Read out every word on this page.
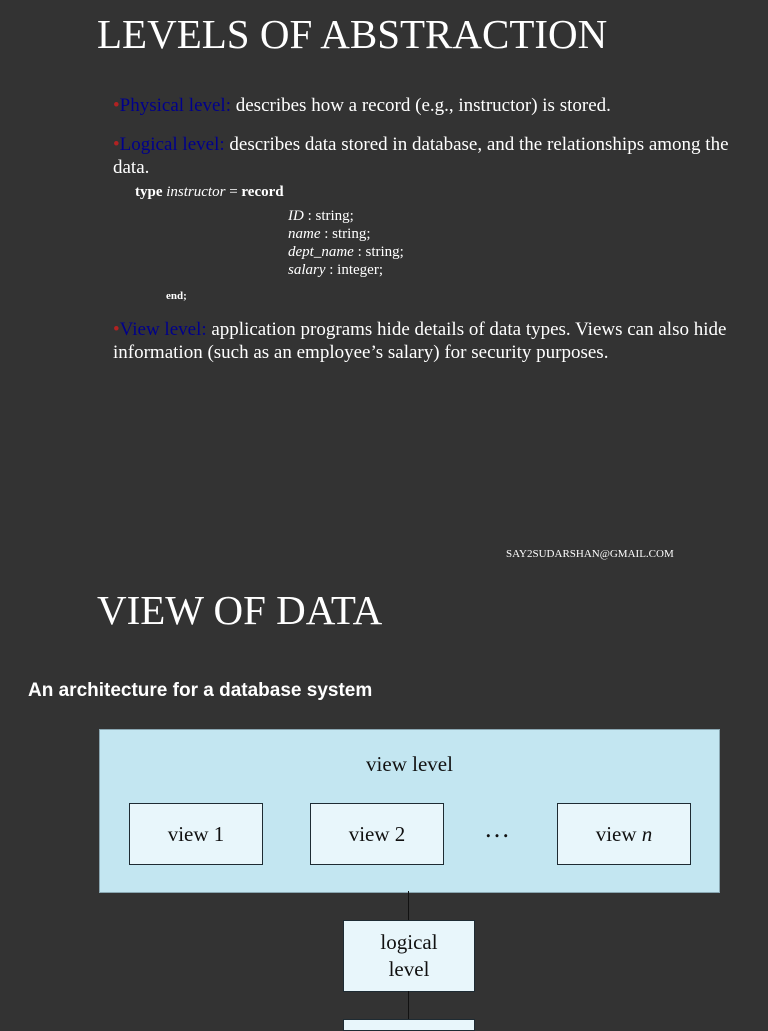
LEVELS OF ABSTRACTION
•Physical level: describes how a record (e.g., instructor) is stored.
•Logical level: describes data stored in database, and the relationships among the data.
type instructor = record
ID : string;
name : string;
dept_name : string;
salary : integer;
end;
•View level: application programs hide details of data types. Views can also hide information (such as an employee’s salary) for security purposes.
SAY2SUDARSHAN@GMAIL.COM
VIEW OF DATA
An architecture for a database system
view level
view 1	view 2	…	view
n
logical
level
